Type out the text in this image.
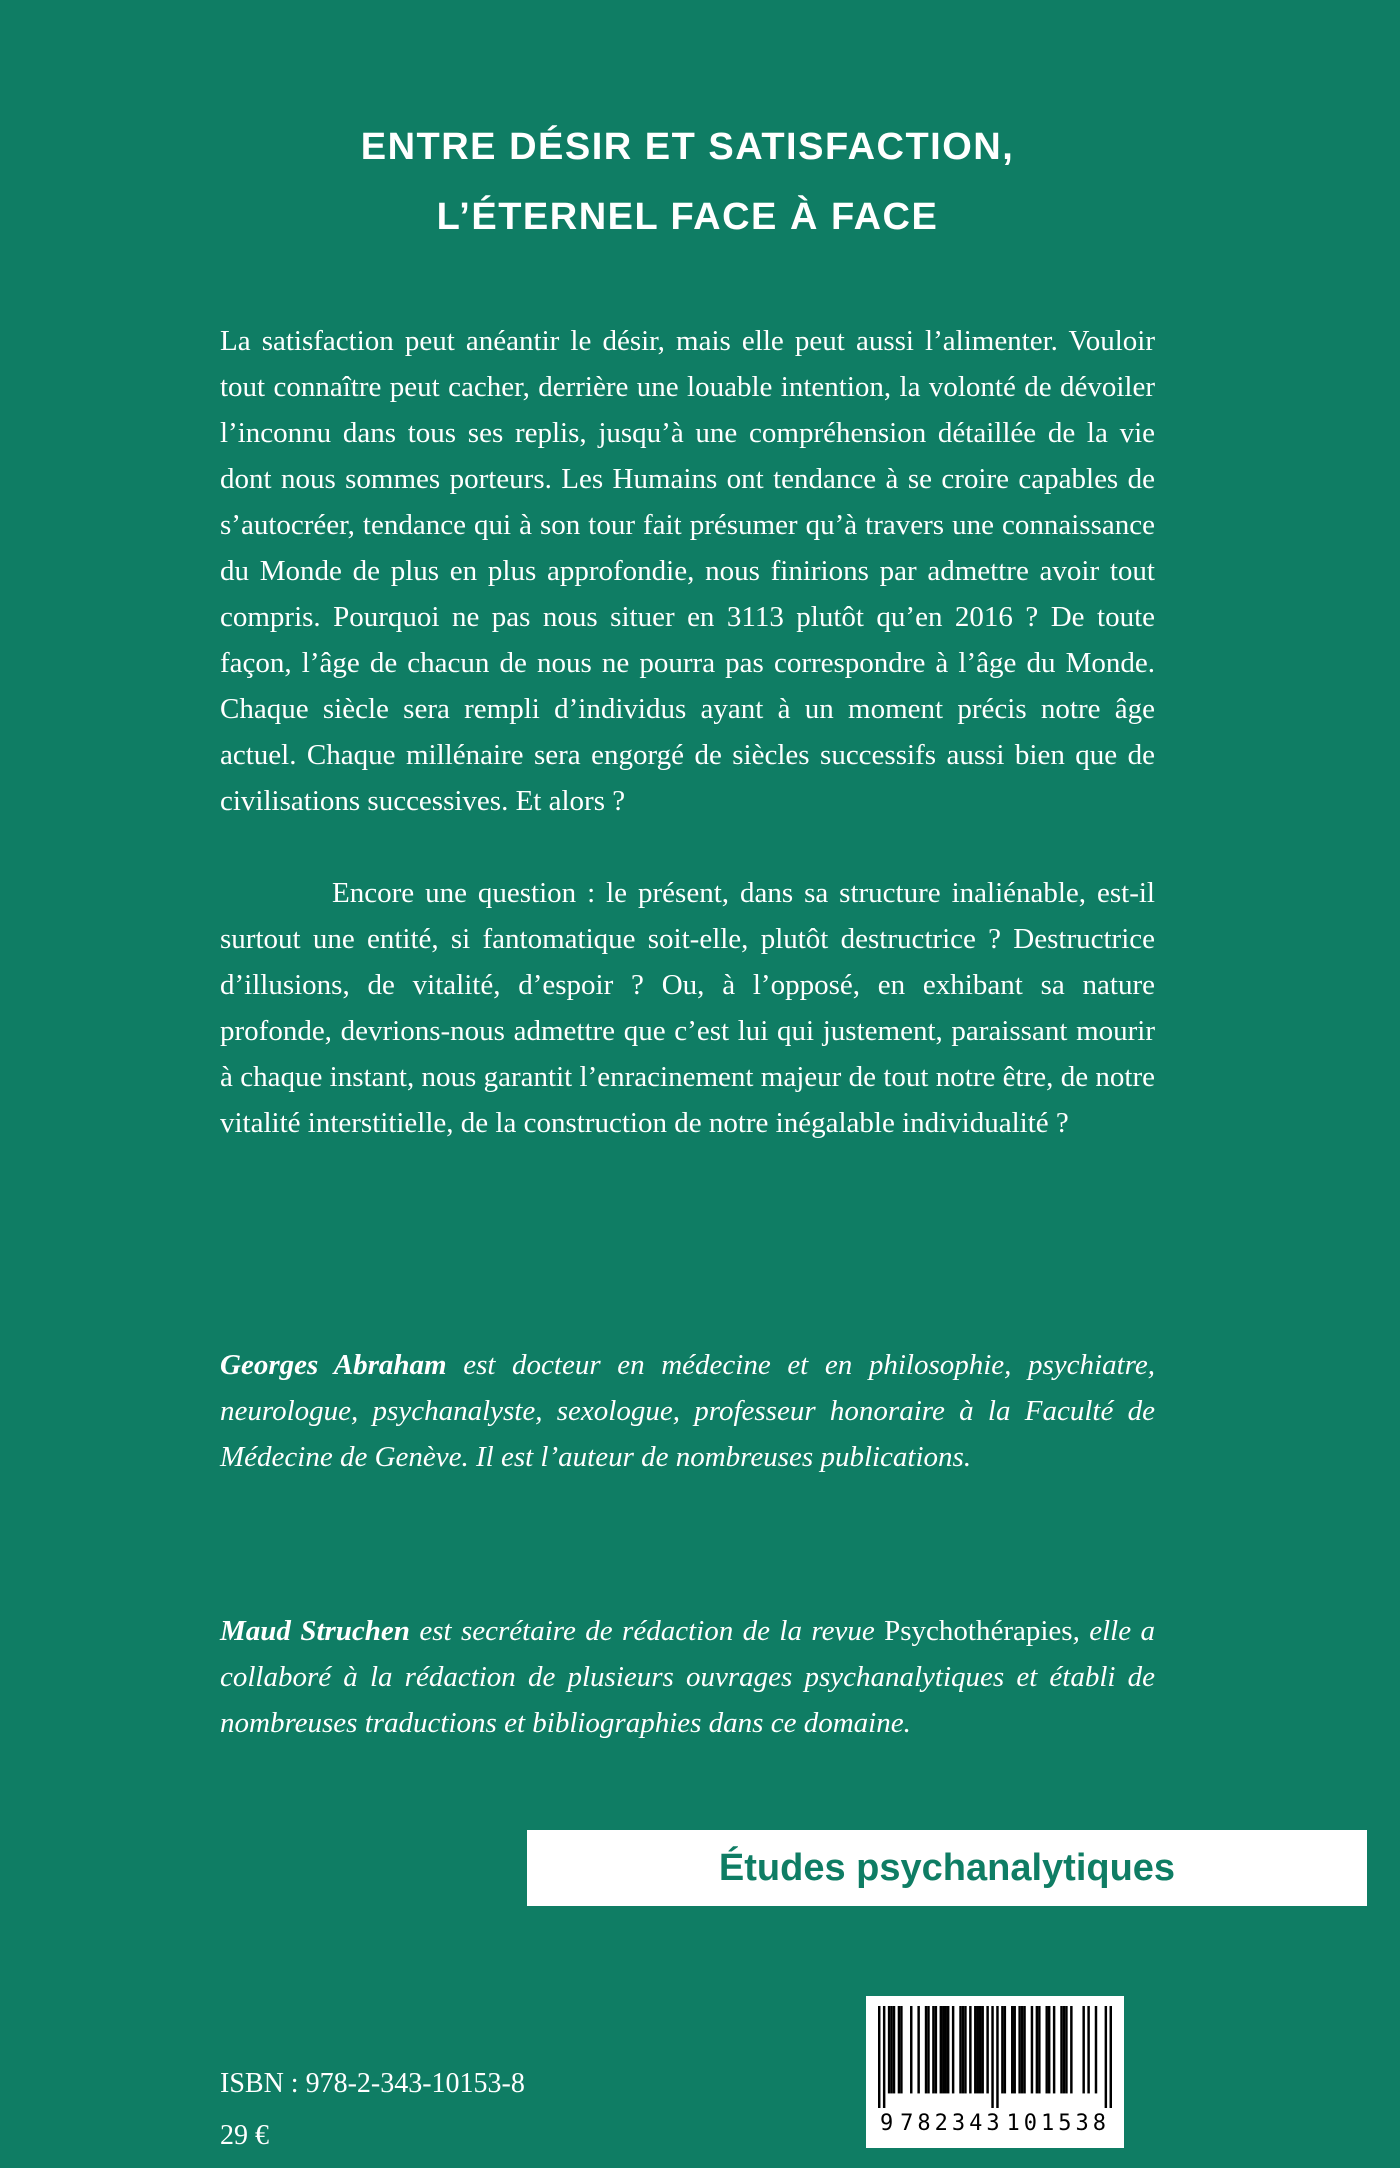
ENTRE DÉSIR ET SATISFACTION,
L’ÉTERNEL FACE À FACE

La satisfaction peut anéantir le désir, mais elle peut aussi l’alimenter. Vouloir tout connaître peut cacher, derrière une louable intention, la volonté de dévoiler l’inconnu dans tous ses replis, jusqu’à une compréhension détaillée de la vie dont nous sommes porteurs. Les Humains ont tendance à se croire capables de s’autocréer, tendance qui à son tour fait présumer qu’à travers une connaissance du Monde de plus en plus approfondie, nous finirions par admettre avoir tout compris. Pourquoi ne pas nous situer en 3113 plutôt qu’en 2016 ? De toute façon, l’âge de chacun de nous ne pourra pas correspondre à l’âge du Monde. Chaque siècle sera rempli d’individus ayant à un moment précis notre âge actuel. Chaque millénaire sera engorgé de siècles successifs aussi bien que de civilisations successives. Et alors ?

Encore une question : le présent, dans sa structure inaliénable, est-il surtout une entité, si fantomatique soit-elle, plutôt destructrice ? Destructrice d’illusions, de vitalité, d’espoir ? Ou, à l’opposé, en exhibant sa nature profonde, devrions-nous admettre que c’est lui qui justement, paraissant mourir à chaque instant, nous garantit l’enracinement majeur de tout notre être, de notre vitalité interstitielle, de la construction de notre inégalable individualité ?

Georges Abraham est docteur en médecine et en philosophie, psychiatre, neurologue, psychanalyste, sexologue, professeur honoraire à la Faculté de Médecine de Genève. Il est l’auteur de nombreuses publications.

Maud Struchen est secrétaire de rédaction de la revue Psychothérapies, elle a collaboré à la rédaction de plusieurs ouvrages psychanalytiques et établi de nombreuses traductions et bibliographies dans ce domaine.

Études psychanalytiques
ISBN : 978-2-343-10153-8
29 €	9 782343 101538
